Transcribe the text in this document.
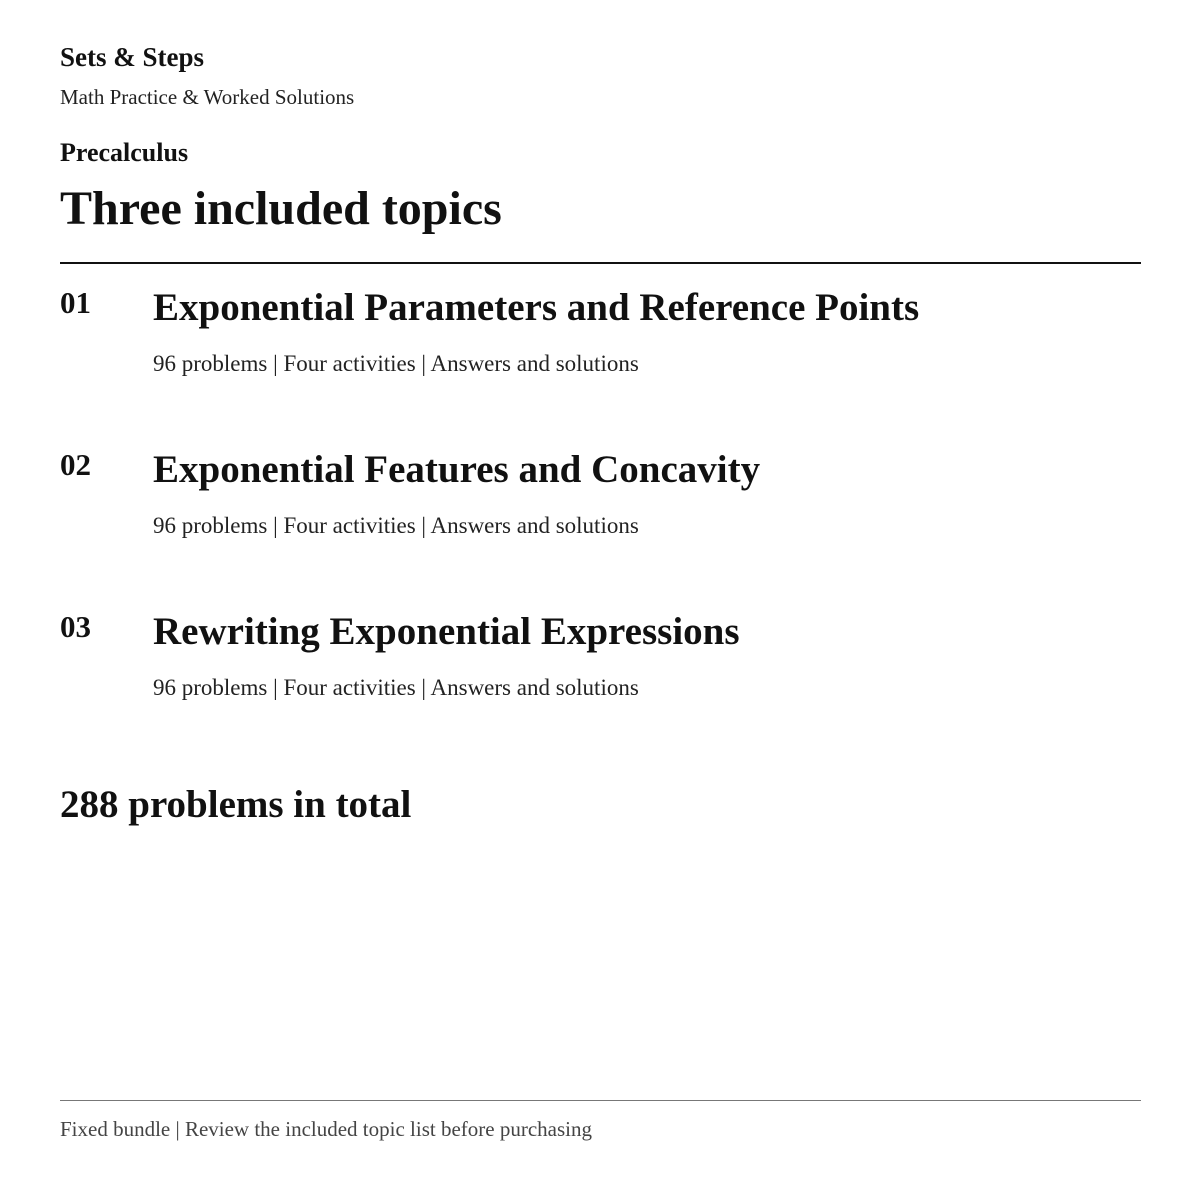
Sets & Steps
Math Practice & Worked Solutions
Precalculus
Three included topics
01 Exponential Parameters and Reference Points
96 problems | Four activities | Answers and solutions
02 Exponential Features and Concavity
96 problems | Four activities | Answers and solutions
03 Rewriting Exponential Expressions
96 problems | Four activities | Answers and solutions
288 problems in total
Fixed bundle | Review the included topic list before purchasing
